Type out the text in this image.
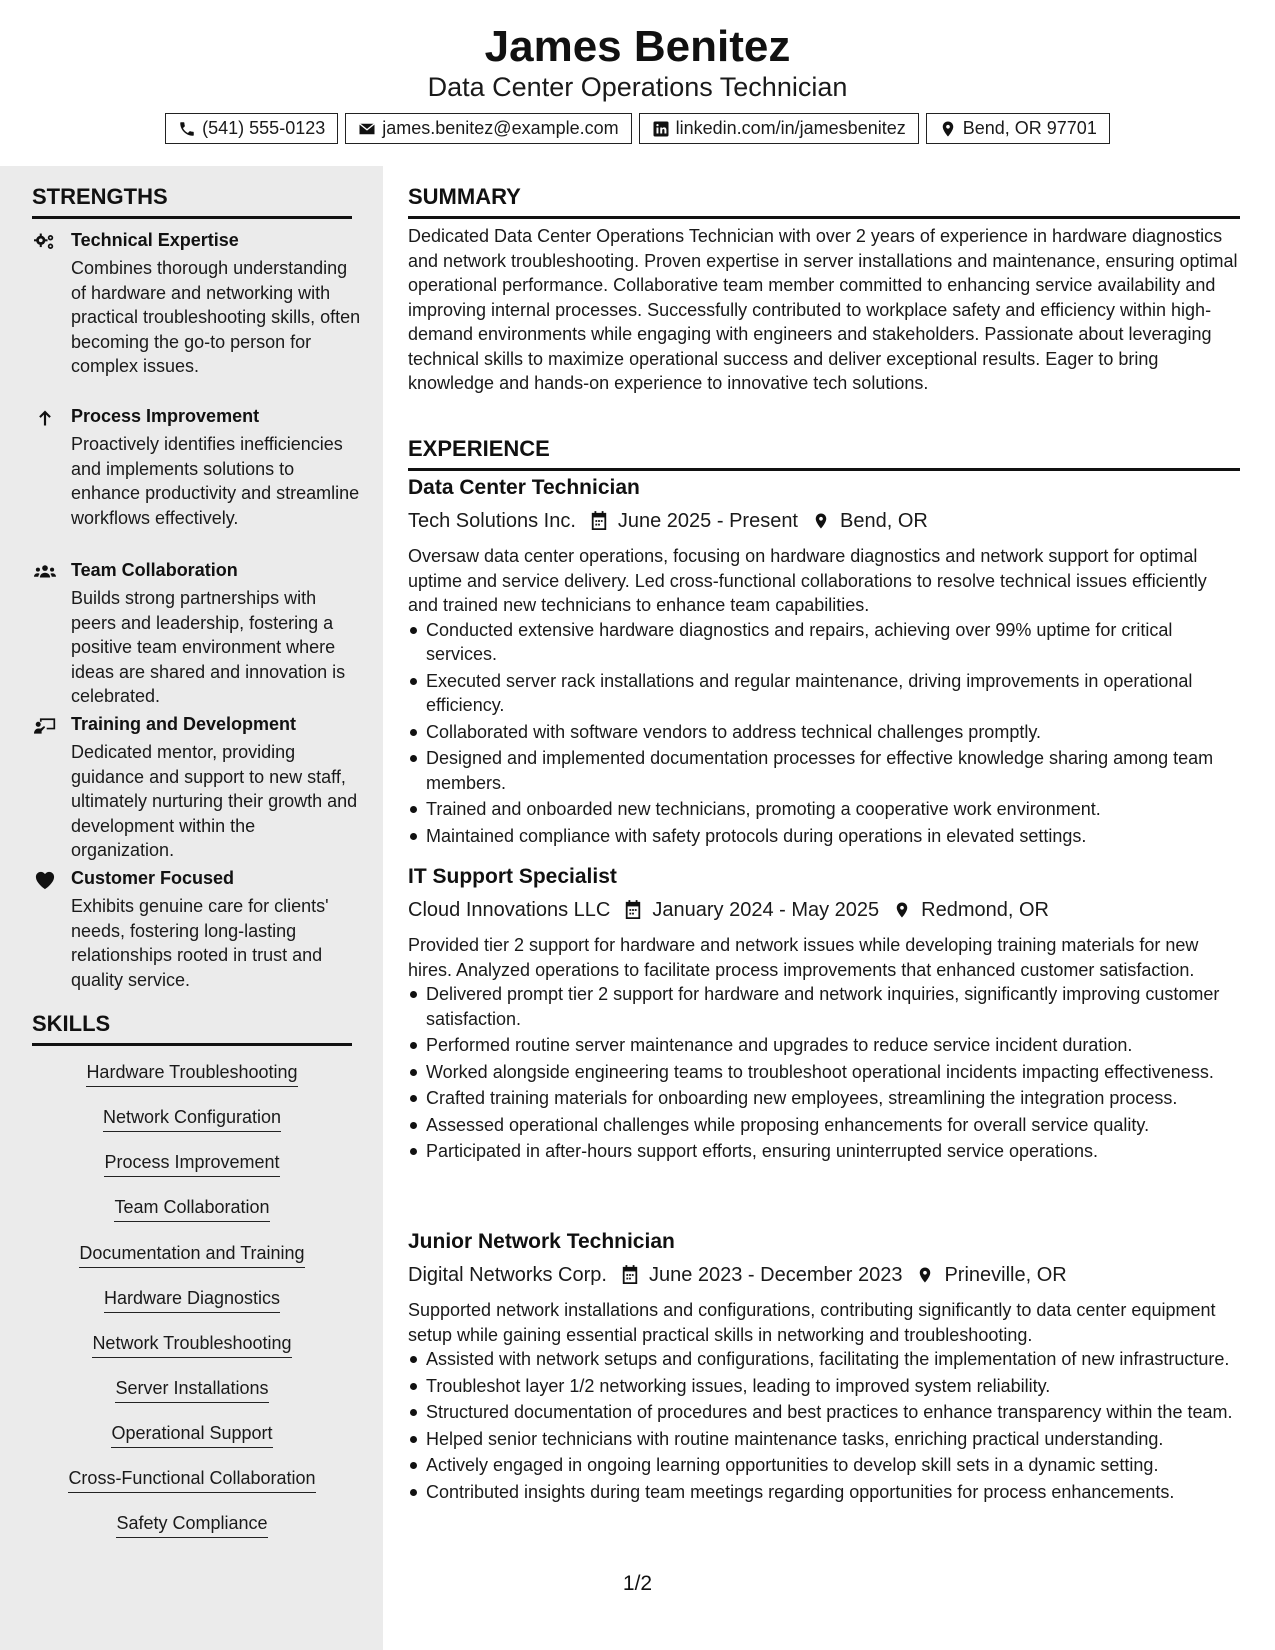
James Benitez
Data Center Operations Technician
(541) 555-0123	james.benitez@example.com	linkedin.com/in/jamesbenitez	Bend, OR 97701
STRENGTHS
Technical Expertise
Combines thorough understanding of hardware and networking with practical troubleshooting skills, often becoming the go-to person for complex issues.
Process Improvement
Proactively identifies inefficiencies and implements solutions to enhance productivity and streamline workflows effectively.
Team Collaboration
Builds strong partnerships with peers and leadership, fostering a positive team environment where ideas are shared and innovation is celebrated.
Training and Development
Dedicated mentor, providing guidance and support to new staff, ultimately nurturing their growth and development within the organization.
Customer Focused
Exhibits genuine care for clients' needs, fostering long-lasting relationships rooted in trust and quality service.
SKILLS
Hardware Troubleshooting
Network Configuration
Process Improvement
Team Collaboration
Documentation and Training
Hardware Diagnostics
Network Troubleshooting
Server Installations
Operational Support
Cross-Functional Collaboration
Safety Compliance
SUMMARY
Dedicated Data Center Operations Technician with over 2 years of experience in hardware diagnostics and network troubleshooting. Proven expertise in server installations and maintenance, ensuring optimal operational performance. Collaborative team member committed to enhancing service availability and improving internal processes. Successfully contributed to workplace safety and efficiency within high-demand environments while engaging with engineers and stakeholders. Passionate about leveraging technical skills to maximize operational success and deliver exceptional results. Eager to bring knowledge and hands-on experience to innovative tech solutions.
EXPERIENCE
Data Center Technician
Tech Solutions Inc. June 2025 - Present Bend, OR
Oversaw data center operations, focusing on hardware diagnostics and network support for optimal uptime and service delivery. Led cross-functional collaborations to resolve technical issues efficiently and trained new technicians to enhance team capabilities.
Conducted extensive hardware diagnostics and repairs, achieving over 99% uptime for critical services.
Executed server rack installations and regular maintenance, driving improvements in operational efficiency.
Collaborated with software vendors to address technical challenges promptly.
Designed and implemented documentation processes for effective knowledge sharing among team members.
Trained and onboarded new technicians, promoting a cooperative work environment.
Maintained compliance with safety protocols during operations in elevated settings.
IT Support Specialist
Cloud Innovations LLC January 2024 - May 2025 Redmond, OR
Provided tier 2 support for hardware and network issues while developing training materials for new hires. Analyzed operations to facilitate process improvements that enhanced customer satisfaction.
Delivered prompt tier 2 support for hardware and network inquiries, significantly improving customer satisfaction.
Performed routine server maintenance and upgrades to reduce service incident duration.
Worked alongside engineering teams to troubleshoot operational incidents impacting effectiveness.
Crafted training materials for onboarding new employees, streamlining the integration process.
Assessed operational challenges while proposing enhancements for overall service quality.
Participated in after-hours support efforts, ensuring uninterrupted service operations.
Junior Network Technician
Digital Networks Corp. June 2023 - December 2023 Prineville, OR
Supported network installations and configurations, contributing significantly to data center equipment setup while gaining essential practical skills in networking and troubleshooting.
Assisted with network setups and configurations, facilitating the implementation of new infrastructure.
Troubleshot layer 1/2 networking issues, leading to improved system reliability.
Structured documentation of procedures and best practices to enhance transparency within the team.
Helped senior technicians with routine maintenance tasks, enriching practical understanding.
Actively engaged in ongoing learning opportunities to develop skill sets in a dynamic setting.
Contributed insights during team meetings regarding opportunities for process enhancements.
1/2
